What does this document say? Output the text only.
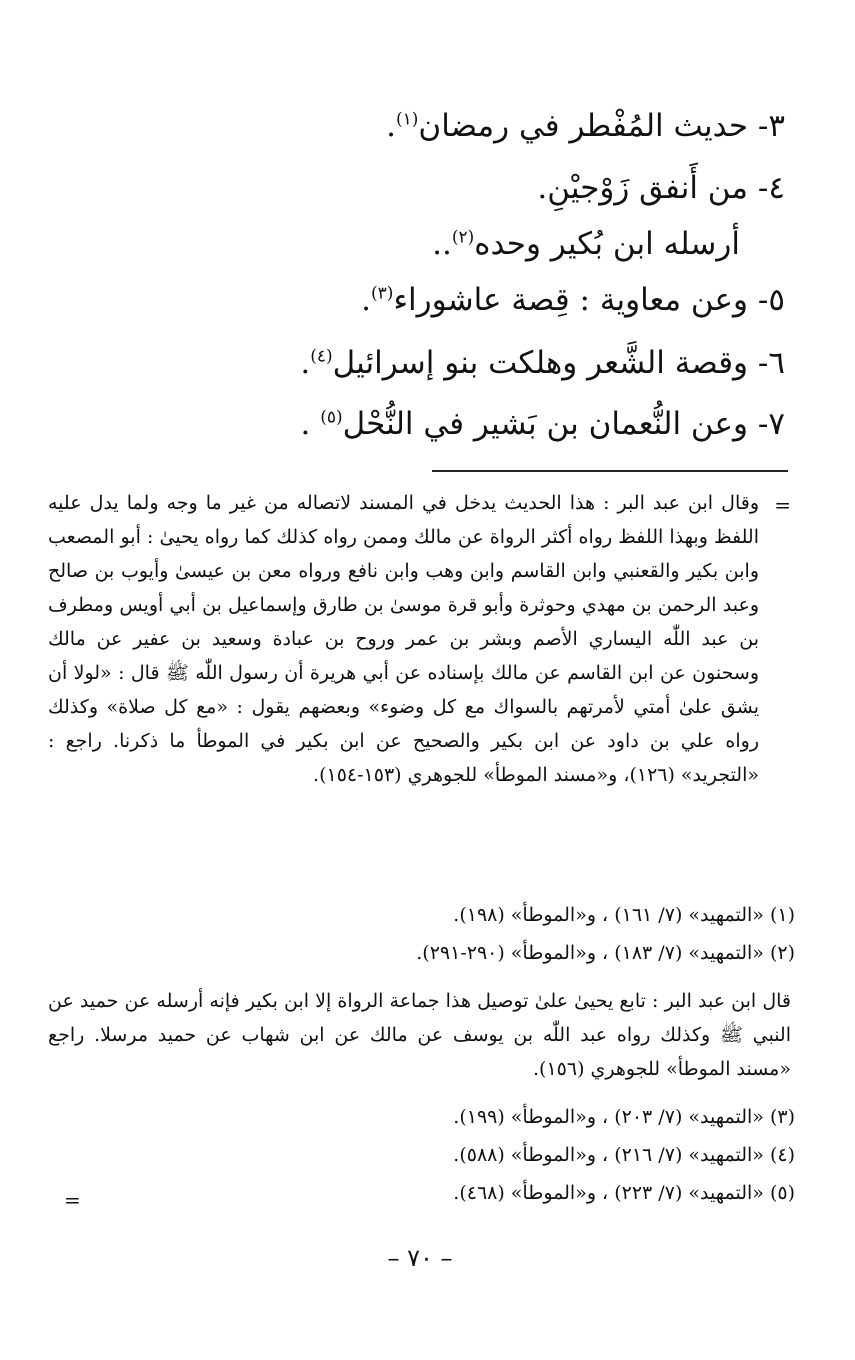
٣- حديث المُفْطر في رمضان$^{(١)}$.
٤- من أَنفق زَوْجيْنِ.
أرسله ابن بُكير وحده$^{(٢)}$..
٥- وعن معاوية : قِصة عاشوراء$^{(٣)}$.
٦- وقصة الشَّعر وهلكت بنو إسرائيل$^{(٤)}$.
٧- وعن النُّعمان بن بَشير في النُّحْل$^{(٥)}$ .
=

وقال ابن عبد البر : هذا الحديث يدخل في المسند لاتصاله من غير ما وجه ولما يدل عليه اللفظ وبهذا اللفظ رواه أكثر الرواة عن مالك وممن رواه كذلك كما رواه يحيىٰ : أبو المصعب وابن بكير والقعنبي وابن القاسم وابن وهب وابن نافع ورواه معن بن عيسىٰ وأيوب بن صالح وعبد الرحمن بن مهدي وحوثرة وأبو قرة موسىٰ بن طارق وإسماعيل بن أبي أويس ومطرف بن عبد اللّٰه اليساري الأصم وبشر بن عمر وروح بن عبادة وسعيد بن عفير عن مالك وسحنون عن ابن القاسم عن مالك بإسناده عن أبي هريرة أن رسول اللّٰه ﷺ قال : «لولا أن يشق علىٰ أمتي لأمرتهم بالسواك مع كل وضوء» وبعضهم يقول : «مع كل صلاة» وكذلك رواه علي بن داود عن ابن بكير والصحيح عن ابن بكير في الموطأ ما ذكرنا. راجع : «التجريد» (١٢٦)، و«مسند الموطأ» للجوهري (١٥٣-١٥٤).

(١) «التمهيد» (٧/ ١٦١) ، و«الموطأ» (١٩٨).
(٢) «التمهيد» (٧/ ١٨٣) ، و«الموطأ» (٢٩٠-٢٩١).

قال ابن عبد البر : تابع يحيىٰ علىٰ توصيل هذا جماعة الرواة إلا ابن بكير فإنه أرسله عن حميد عن النبي ﷺ وكذلك رواه عبد اللّٰه بن يوسف عن مالك عن ابن شهاب عن حميد مرسلا. راجع «مسند الموطأ» للجوهري (١٥٦).

(٣) «التمهيد» (٧/ ٢٠٣) ، و«الموطأ» (١٩٩).
(٤) «التمهيد» (٧/ ٢١٦) ، و«الموطأ» (٥٨٨).
(٥) «التمهيد» (٧/ ٢٢٣) ، و«الموطأ» (٤٦٨).
=
– ٧٠ –
